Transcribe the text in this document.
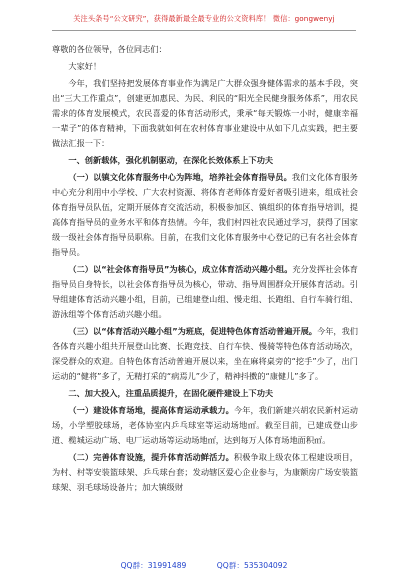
关注头条号“公文研究”，获得最新最全最专业的公文资料库！ 微信：gongwenyj

尊敬的各位领导，各位同志们：

大家好！

今年，我们坚持把发展体育事业作为满足广大群众强身健体需求的基本手段，突出“三大工作重点”，创建更加惠民、为民、利民的“阳光全民健身服务体系”，用农民需求的体育发展模式，农民喜爱的体育活动形式，秉承“每天锻炼一小时，健康幸福一辈子”的体育精神，下面我就如何在农村体育事业建设中从如下几点实践，把主要做法汇报一下：

一、创新载体，强化机制驱动，在深化长效体系上下功夫

（一）以镇文化体育服务中心为阵地，培养社会体育指导员。我们文化体育服务中心充分利用中小学校、广大农村资源、将体育老师体育爱好者吸引进来，组成社会体育指导员队伍，定期开展体育交流活动，积极参加区、镇组织的体育指导培训，提高体育指导员的业务水平和体育热情。今年，我们村四社农民通过学习，获得了国家级一级社会体育指导员职称。目前，在我们文化体育服务中心登记的已有名社会体育指导员。

（二）以“社会体育指导员”为核心，成立体育活动兴趣小组。充分发挥社会体育指导员自身特长，以社会体育指导员为核心，带动、指导周围群众开展体育活动。引导组建体育活动兴趣小组，目前，已组建登山组、慢走组、长跑组、自行车骑行组、游泳组等个体育活动兴趣小组。

（三）以“体育活动兴趣小组”为班底，促进特色体育活动普遍开展。今年，我们各体育兴趣小组共开展登山比赛、长跑竞技、自行车快、慢骑等特色体育活动场次，深受群众的欢迎。自特色体育活动普遍开展以来，坐在麻将桌旁的“挖手”少了，出门运动的“健将”多了，无精打采的“病焉儿”少了，精神抖擞的“康健儿”多了。

二、加大投入，注重品质提升，在固化硬件建设上下功夫

（一）建设体育场地，提高体育运动承载力。今年，我们新建兴胡农民新村运动场，小学塑胶球场，老体协室内乒乓球室等运动场地㎡。截至目前，已建成登山步道、榄城运动广场、电厂运动场等运动场地㎡，达到每万人体育场地面积㎡。

（二）完善体育设施，提升体育活动鲜活力。积极争取上级农体工程建设项目，为村、村等安装篮球架、乒乓球台套；发动辖区爱心企业参与，为康额房广场安装篮球架、羽毛球场设备片；加大镇级财

QQ群：31991489	QQ群：535304092
